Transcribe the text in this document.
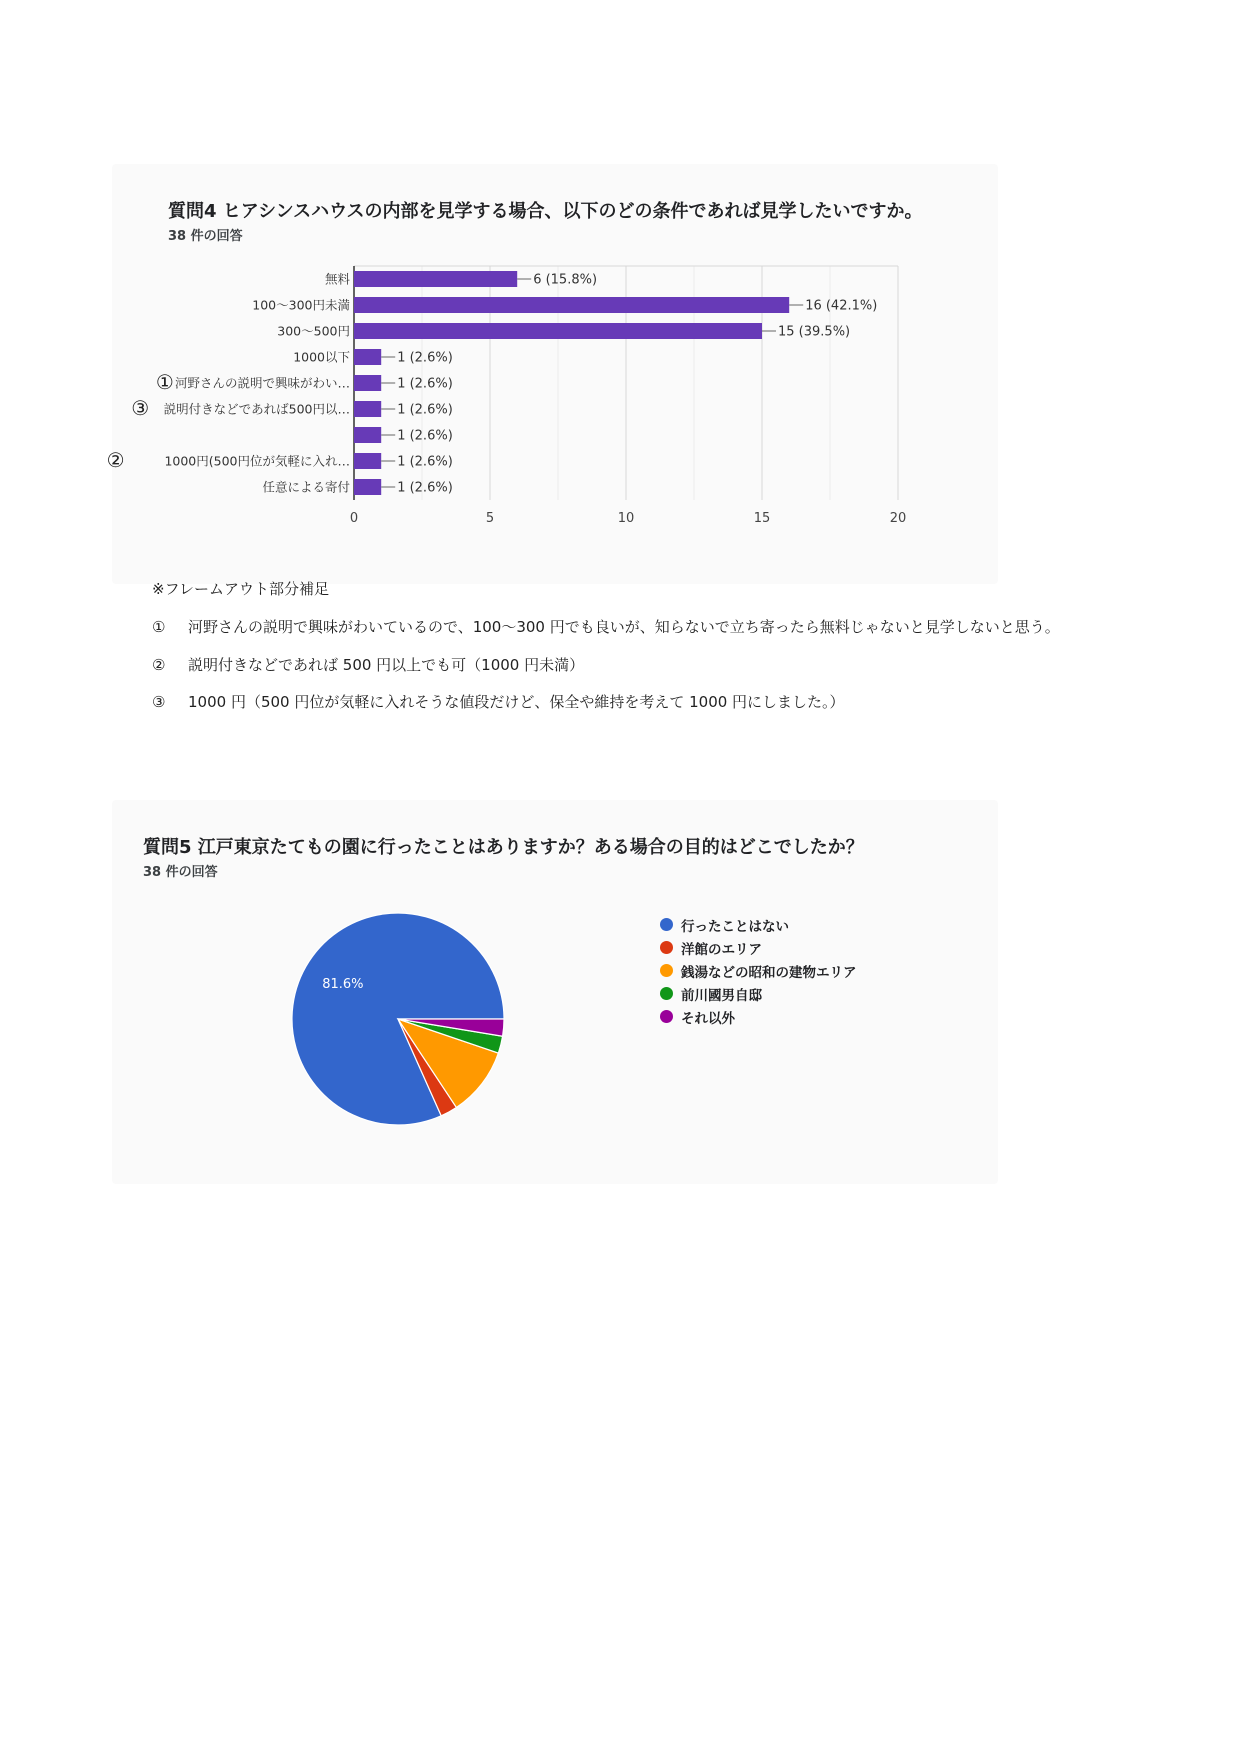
質問4 ヒアシンスハウスの内部を見学する場合、以下のどの条件であれば見学したいですか。
38 件の回答
6 (15.8%)
無料
16 (42.1%)
100～300円未満
15 (39.5%)
300～500円
1 (2.6%)
1000以下
1 (2.6%)
河野さんの説明で興味がわい…
①
1 (2.6%)
説明付きなどであれば500円以…
③
1 (2.6%)
1 (2.6%)
1000円(500円位が気軽に入れ…
②
1 (2.6%)
任意による寄付
0	5	10	15	20
※フレームアウト部分補足
① 河野さんの説明で興味がわいているので、100～300 円でも良いが、知らないで立ち寄ったら無料じゃないと見学しないと思う。
② 説明付きなどであれば 500 円以上でも可（1000 円未満）
③ 1000 円（500 円位が気軽に入れそうな値段だけど、保全や維持を考えて 1000 円にしました。）
質問5 江戸東京たてもの園に行ったことはありますか？ある場合の目的はどこでしたか？
38 件の回答
81.6%
行ったことはない
洋館のエリア
銭湯などの昭和の建物エリア
前川國男自邸
それ以外
